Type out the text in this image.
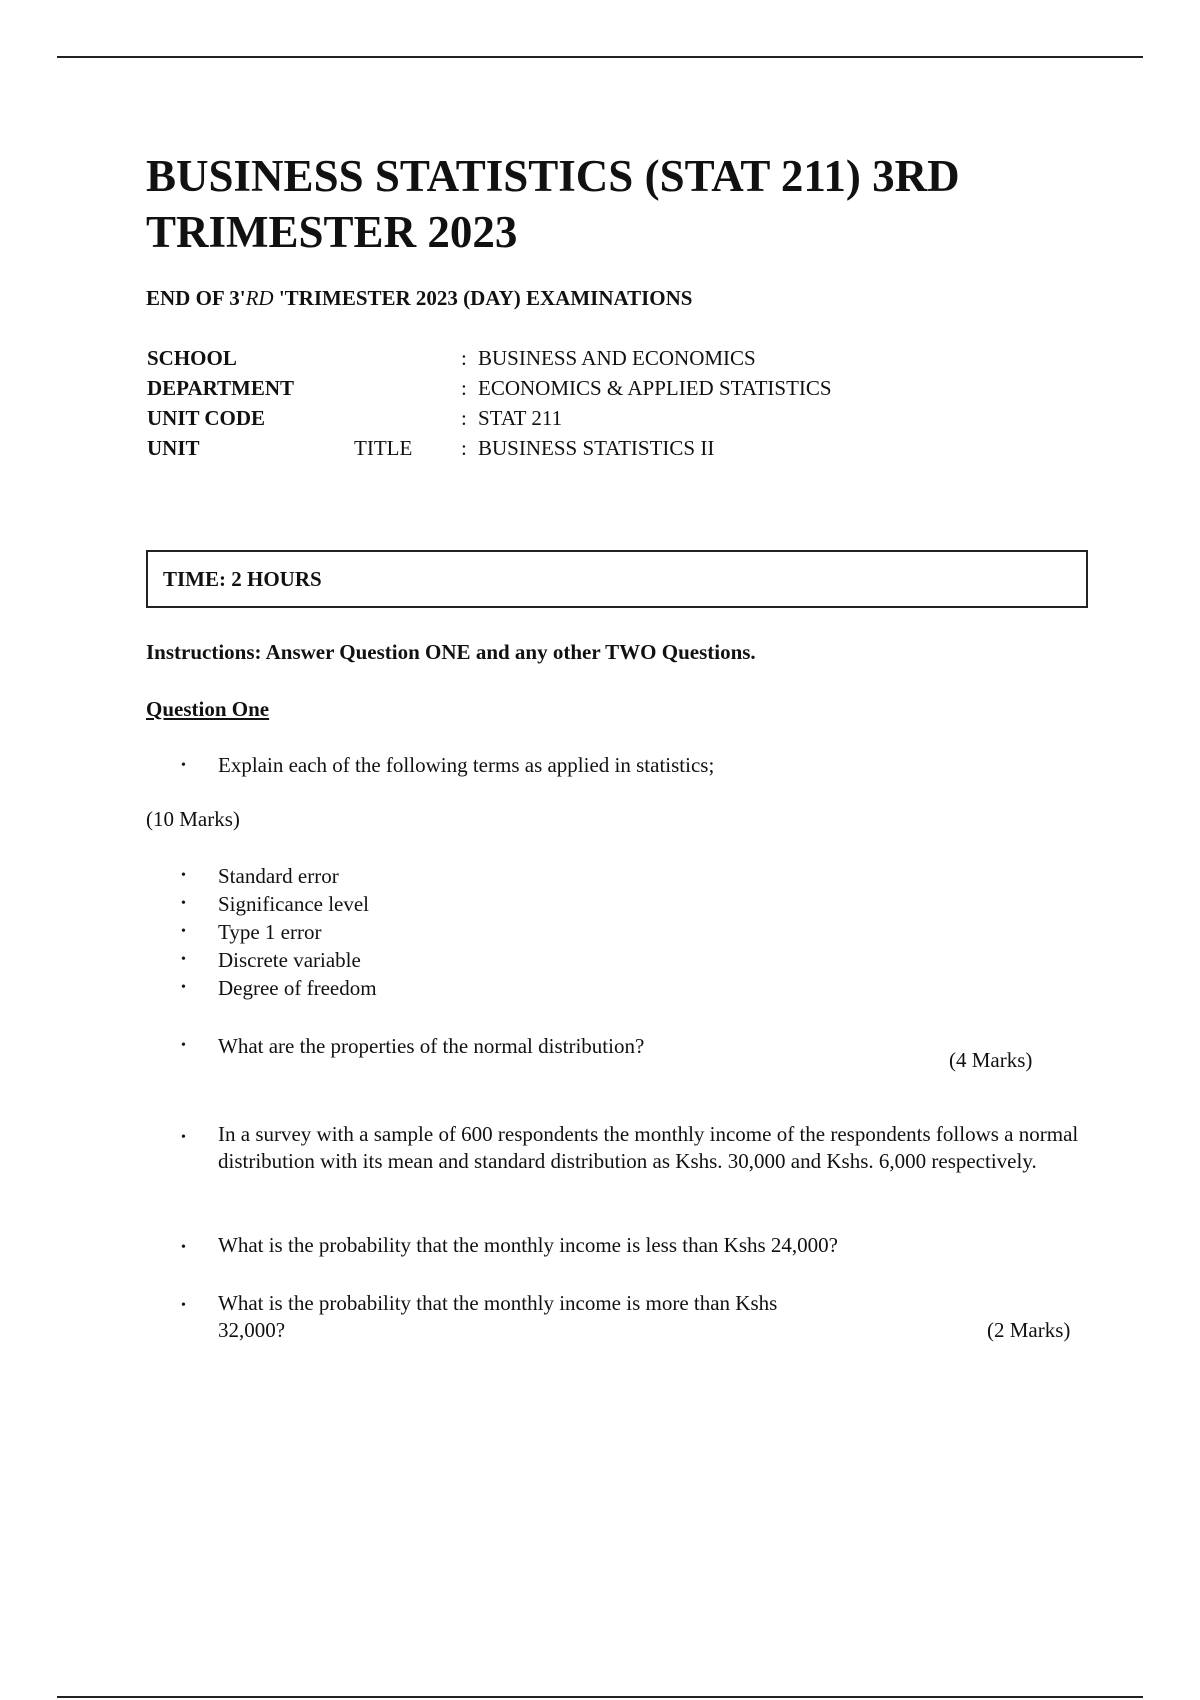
BUSINESS STATISTICS (STAT 211) 3RD TRIMESTER 2023
END OF 3'RD 'TRIMESTER 2023 (DAY) EXAMINATIONS
SCHOOL	: BUSINESS AND ECONOMICS
DEPARTMENT	: ECONOMICS & APPLIED STATISTICS
UNIT CODE	: STAT 211
UNIT	TITLE : BUSINESS STATISTICS II
TIME: 2 HOURS
Instructions: Answer Question ONE and any other TWO Questions.
Question One
• Explain each of the following terms as applied in statistics;
(10 Marks)
• Standard error
• Significance level
• Type 1 error
• Discrete variable
• Degree of freedom
• What are the properties of the normal distribution?
(4 Marks)
• In a survey with a sample of 600 respondents the monthly income of the respondents follows a normal distribution with its mean and standard distribution as Kshs. 30,000 and Kshs. 6,000 respectively.
• What is the probability that the monthly income is less than Kshs 24,000?
• What is the probability that the monthly income is more than Kshs
32,000?	(2 Marks)
